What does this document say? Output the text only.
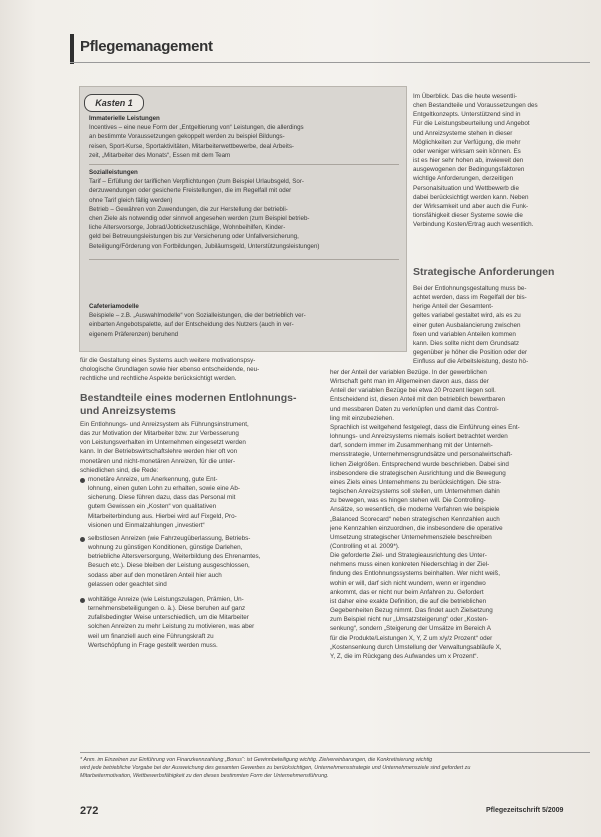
Pflegemanagement
Kasten 1
Immaterielle Leistungen
Incentives – eine neue Form der „Entgeltierung von“ Leistungen, die allerdings
an bestimmte Voraussetzungen gekoppelt werden zu beispiel Bildungs-
reisen, Sport-Kurse, Sportaktivitäten, Mitarbeiterwettbewerbe, deal Arbeits-
zeit, „Mitarbeiter des Monats“, Essen mit dem Team
Sozialleistungen
Tarif – Erfüllung der tariflichen Verpflichtungen (zum Beispiel Urlaubsgeld, Sor-
derzuwendungen oder gesicherte Freistellungen, die im Regelfall mit oder
ohne Tarif gleich fällig werden)
Betrieb – Gewähren von Zuwendungen, die zur Herstellung der betriebli-
chen Ziele als notwendig oder sinnvoll angesehen werden (zum Beispiel betrieb-
liche Altersvorsorge, Jobrad/Jobticketzuschläge, Wohnbeihilfen, Kinder-
geld bei Betreuungsleistungen bis zur Versicherung oder Unfallversicherung,
Beteiligung/Förderung von Fortbildungen, Jubiläumsgeld, Unterstützungsleistungen)
Cafeteriamodelle
Beispiele – z.B. „Auswahlmodelle“ von Sozialleistungen, die der betrieblich ver-
einbarten Angebotspalette, auf der Entscheidung des Nutzers (auch in ver-
eigenem Präferenzen) beruhend
für die Gestaltung eines Systems auch weitere motivationspsy-
chologische Grundlagen sowie hier ebenso entscheidende, neu-
rechtliche und rechtliche Aspekte berücksichtigt werden.
Bestandteile eines modernen Entlohnungs-
und Anreizsystems
Ein Entlohnungs- und Anreizsystem als Führungsinstrument,
das zur Motivation der Mitarbeiter bzw. zur Verbesserung
von Leistungsverhalten im Unternehmen eingesetzt werden
kann. In der Betriebswirtschaftslehre werden hier oft von
monetären und nicht-monetären Anreizen, für die unter-
schiedlichen sind, die Rede:
monetäre Anreize, um Anerkennung, gute Ent-
lohnung, einen guten Lohn zu erhalten, sowie eine Ab-
sicherung. Diese führen dazu, dass das Personal mit
gutem Gewissen ein „Kosten“ von qualitativen
Mitarbeiterbindung aus. Hierbei wird auf Fixgeld, Pro-
visionen und Einmalzahlungen „investiert“
selbstlosen Anreizen (wie Fahrzeugüberlassung, Betriebs-
wohnung zu günstigen Konditionen, günstige Darlehen,
betriebliche Altersversorgung, Weiterbildung des Ehrenamtes,
Besuch etc.). Diese bleiben der Leistung ausgeschlossen,
sodass aber auf den monetären Anteil hier auch
gelassen oder geachtet sind
wohltätige Anreize (wie Leistungszulagen, Prämien, Un-
ternehmensbeteiligungen o. ä.). Diese beruhen auf ganz
zufallsbedingter Weise unterschiedlich, um die Mitarbeiter
solchen Anreizen zu mehr Leistung zu motivieren, was aber
weil um finanziell auch eine Führungskraft zu
Wertschöpfung in Frage gestellt werden muss.
Im Überblick. Das die heute wesentli-
chen Bestandteile und Voraussetzungen des
Entgeltkonzepts. Unterstützend sind in
Für die Leistungsbeurteilung und Angebot
und Anreizsysteme stehen in dieser
Möglichkeiten zur Verfügung, die mehr
oder weniger wirksam sein können. Es
ist es hier sehr hohen ab, inwieweit den
ausgewogenen der Bedingungsfaktoren
wichtige Anforderungen, derzeitigen
Personalsituation und Wettbewerb die
dabei berücksichtigt werden kann. Neben
der Wirksamkeit und aber auch die Funk-
tionsfähigkeit dieser Systeme sowie die
Verbindung Kosten/Ertrag auch wesentlich.
Strategische Anforderungen
Bei der Entlohnungsgestaltung muss be-
achtet werden, dass im Regelfall der bis-
herige Anteil der Gesamtent-
geltes variabel gestaltet wird, als es zu
einer guten Ausbalancierung zwischen
fixen und variablen Anteilen kommen
kann. Dies sollte nicht dem Grundsatz
gegenüber je höher die Position oder der
Einfluss auf die Arbeitsleistung, desto hö-
her der Anteil der variablen Bezüge. In der gewerblichen
Wirtschaft geht man im Allgemeinen davon aus, dass der
Anteil der variablen Bezüge bei etwa 20 Prozent liegen soll.
Entscheidend ist, diesen Anteil mit den betrieblich bewertbaren
und messbaren Daten zu verknüpfen und damit das Control-
ling mit einzubeziehen.
Sprachlich ist weitgehend festgelegt, dass die Einführung eines Ent-
lohnungs- und Anreizsystems niemals isoliert betrachtet werden
darf, sondern immer im Zusammenhang mit der Unterneh-
mensstrategie, Unternehmensgrundsätze und personalwirtschaft-
lichen Zielgrößen. Entsprechend wurde beschrieben. Dabei sind
insbesondere die strategischen Ausrichtung und die Bewegung
eines Ziels eines Unternehmens zu berücksichtigen. Die stra-
tegischen Anreizsystems soll stellen, um Unternehmen dahin
zu bewegen, was es hingen stehen will. Die Controlling-
Ansätze, so wesentlich, die moderne Verfahren wie beispiele
„Balanced Scorecard“ neben strategischen Kennzahlen auch
jene Kennzahlen einzuordnen, die insbesondere die operative
Umsetzung strategischer Unternehmensziele beschreiben
(Controlling et al. 2009*).
Die geforderte Ziel- und Strategieausrichtung des Unter-
nehmens muss einen konkreten Niederschlag in der Ziel-
findung des Entlohnungssystems beinhalten. Wer nicht weiß,
wohin er will, darf sich nicht wundern, wenn er irgendwo
ankommt, das er nicht nur beim Anfahren zu. Gefordert
ist daher eine exakte Definition, die auf die betrieblichen
Gegebenheiten Bezug nimmt. Das findet auch Zielsetzung
zum Beispiel nicht nur „Umsatzsteigerung“ oder „Kosten-
senkung“, sondern „Steigerung der Umsätze im Bereich A
für die Produkte/Leistungen X, Y, Z um x/y/z Prozent“ oder
„Kostensenkung durch Umstellung der Verwaltungsabläufe X,
Y, Z, die im Rückgang des Aufwandes um x Prozent“.
* Anm. im Einzelnen zur Einführung von Finanzkennzahlung „Bonus“: ist Gewinnbeteiligung wichtig. Zielvereinbarungen, die Konkretisierung wichtig
wird jede betriebliche Vorgabe bei der Ausweichung des gesamten Gewerbes zu berücksichtigen, Unternehmensstrategie und Unternehmensziele sind gefordert zu
Mitarbeitermotivation, Wettbewerbsfähigkeit zu den dieses bestimmten Form der Unternehmensführung.
272	Pflegezeitschrift 5/2009
